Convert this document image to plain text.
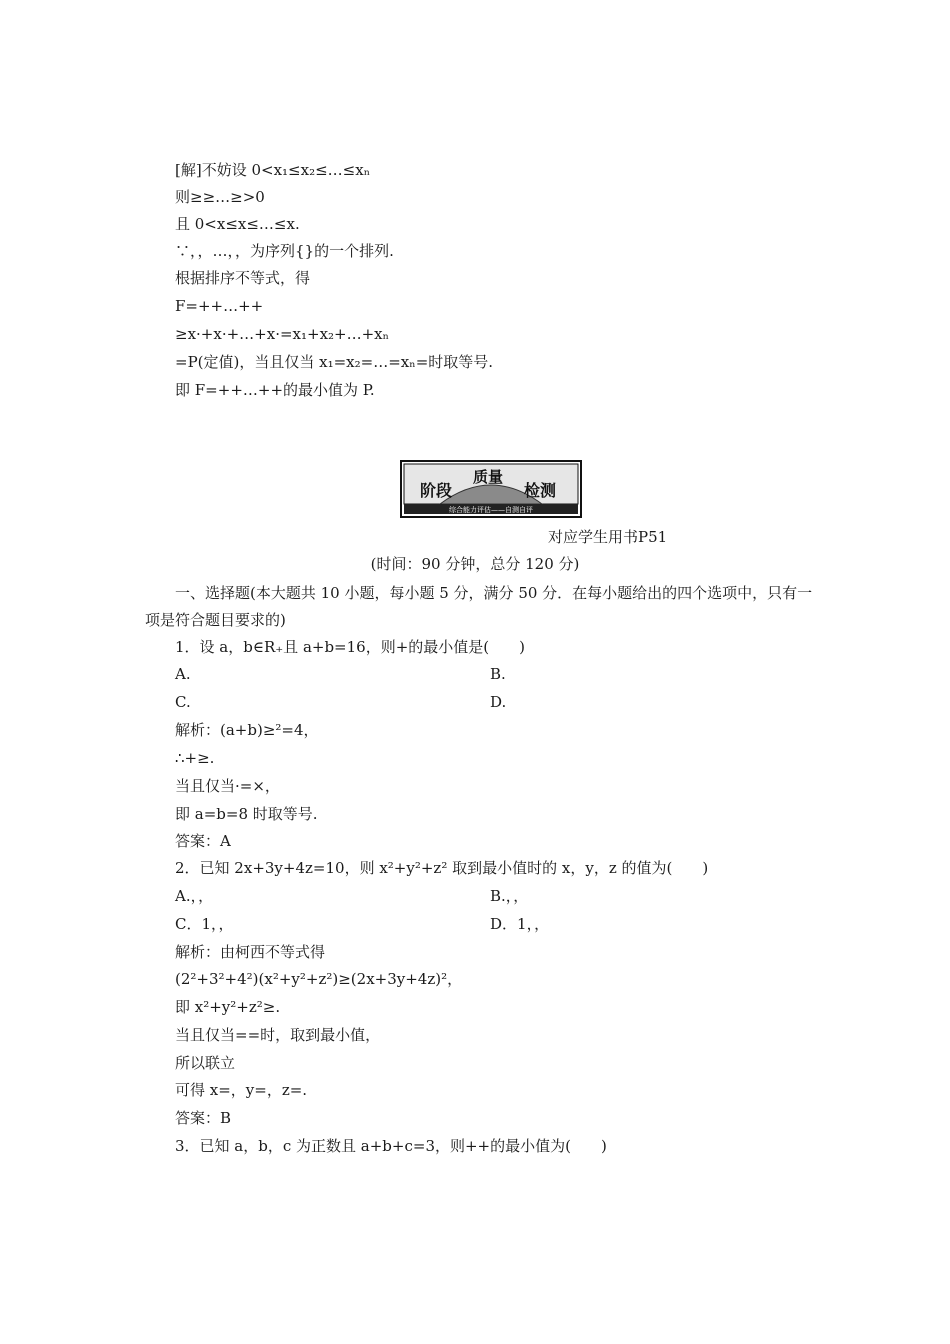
[解]不妨设 0<x₁≤x₂≤…≤xₙ
则≥≥…≥>0
且 0<x≤x≤…≤x.
∵，，…，，为序列{}的一个排列.
根据排序不等式，得
F=++…++
≥x·+x·+…+x·=x₁+x₂+…+xₙ
=P(定值)，当且仅当 x₁=x₂=…=xₙ=时取等号.
即 F=++…++的最小值为 P.
阶段
质量
检测
综合能力评估——自测自评
对应学生用书P51
(时间：90 分钟，总分 120 分)
一、选择题(本大题共 10 小题，每小题 5 分，满分 50 分．在每小题给出的四个选项中，只有一项是符合题目要求的)
1．设 a，b∈R₊且 a+b=16，则+的最小值是(　　)
A.	B.
C.	D.
解析：(a+b)≥²=4，
∴+≥.
当且仅当·=×，
即 a=b=8 时取等号.
答案：A
2．已知 2x+3y+4z=10，则 x²+y²+z² 取到最小值时的 x，y，z 的值为(　　)
A.，，	B.，，
C．1，，	D．1，，
解析：由柯西不等式得
(2²+3²+4²)(x²+y²+z²)≥(2x+3y+4z)²，
即 x²+y²+z²≥.
当且仅当==时，取到最小值，
所以联立
可得 x=，y=，z=.
答案：B
3．已知 a，b，c 为正数且 a+b+c=3，则++的最小值为(　　)
